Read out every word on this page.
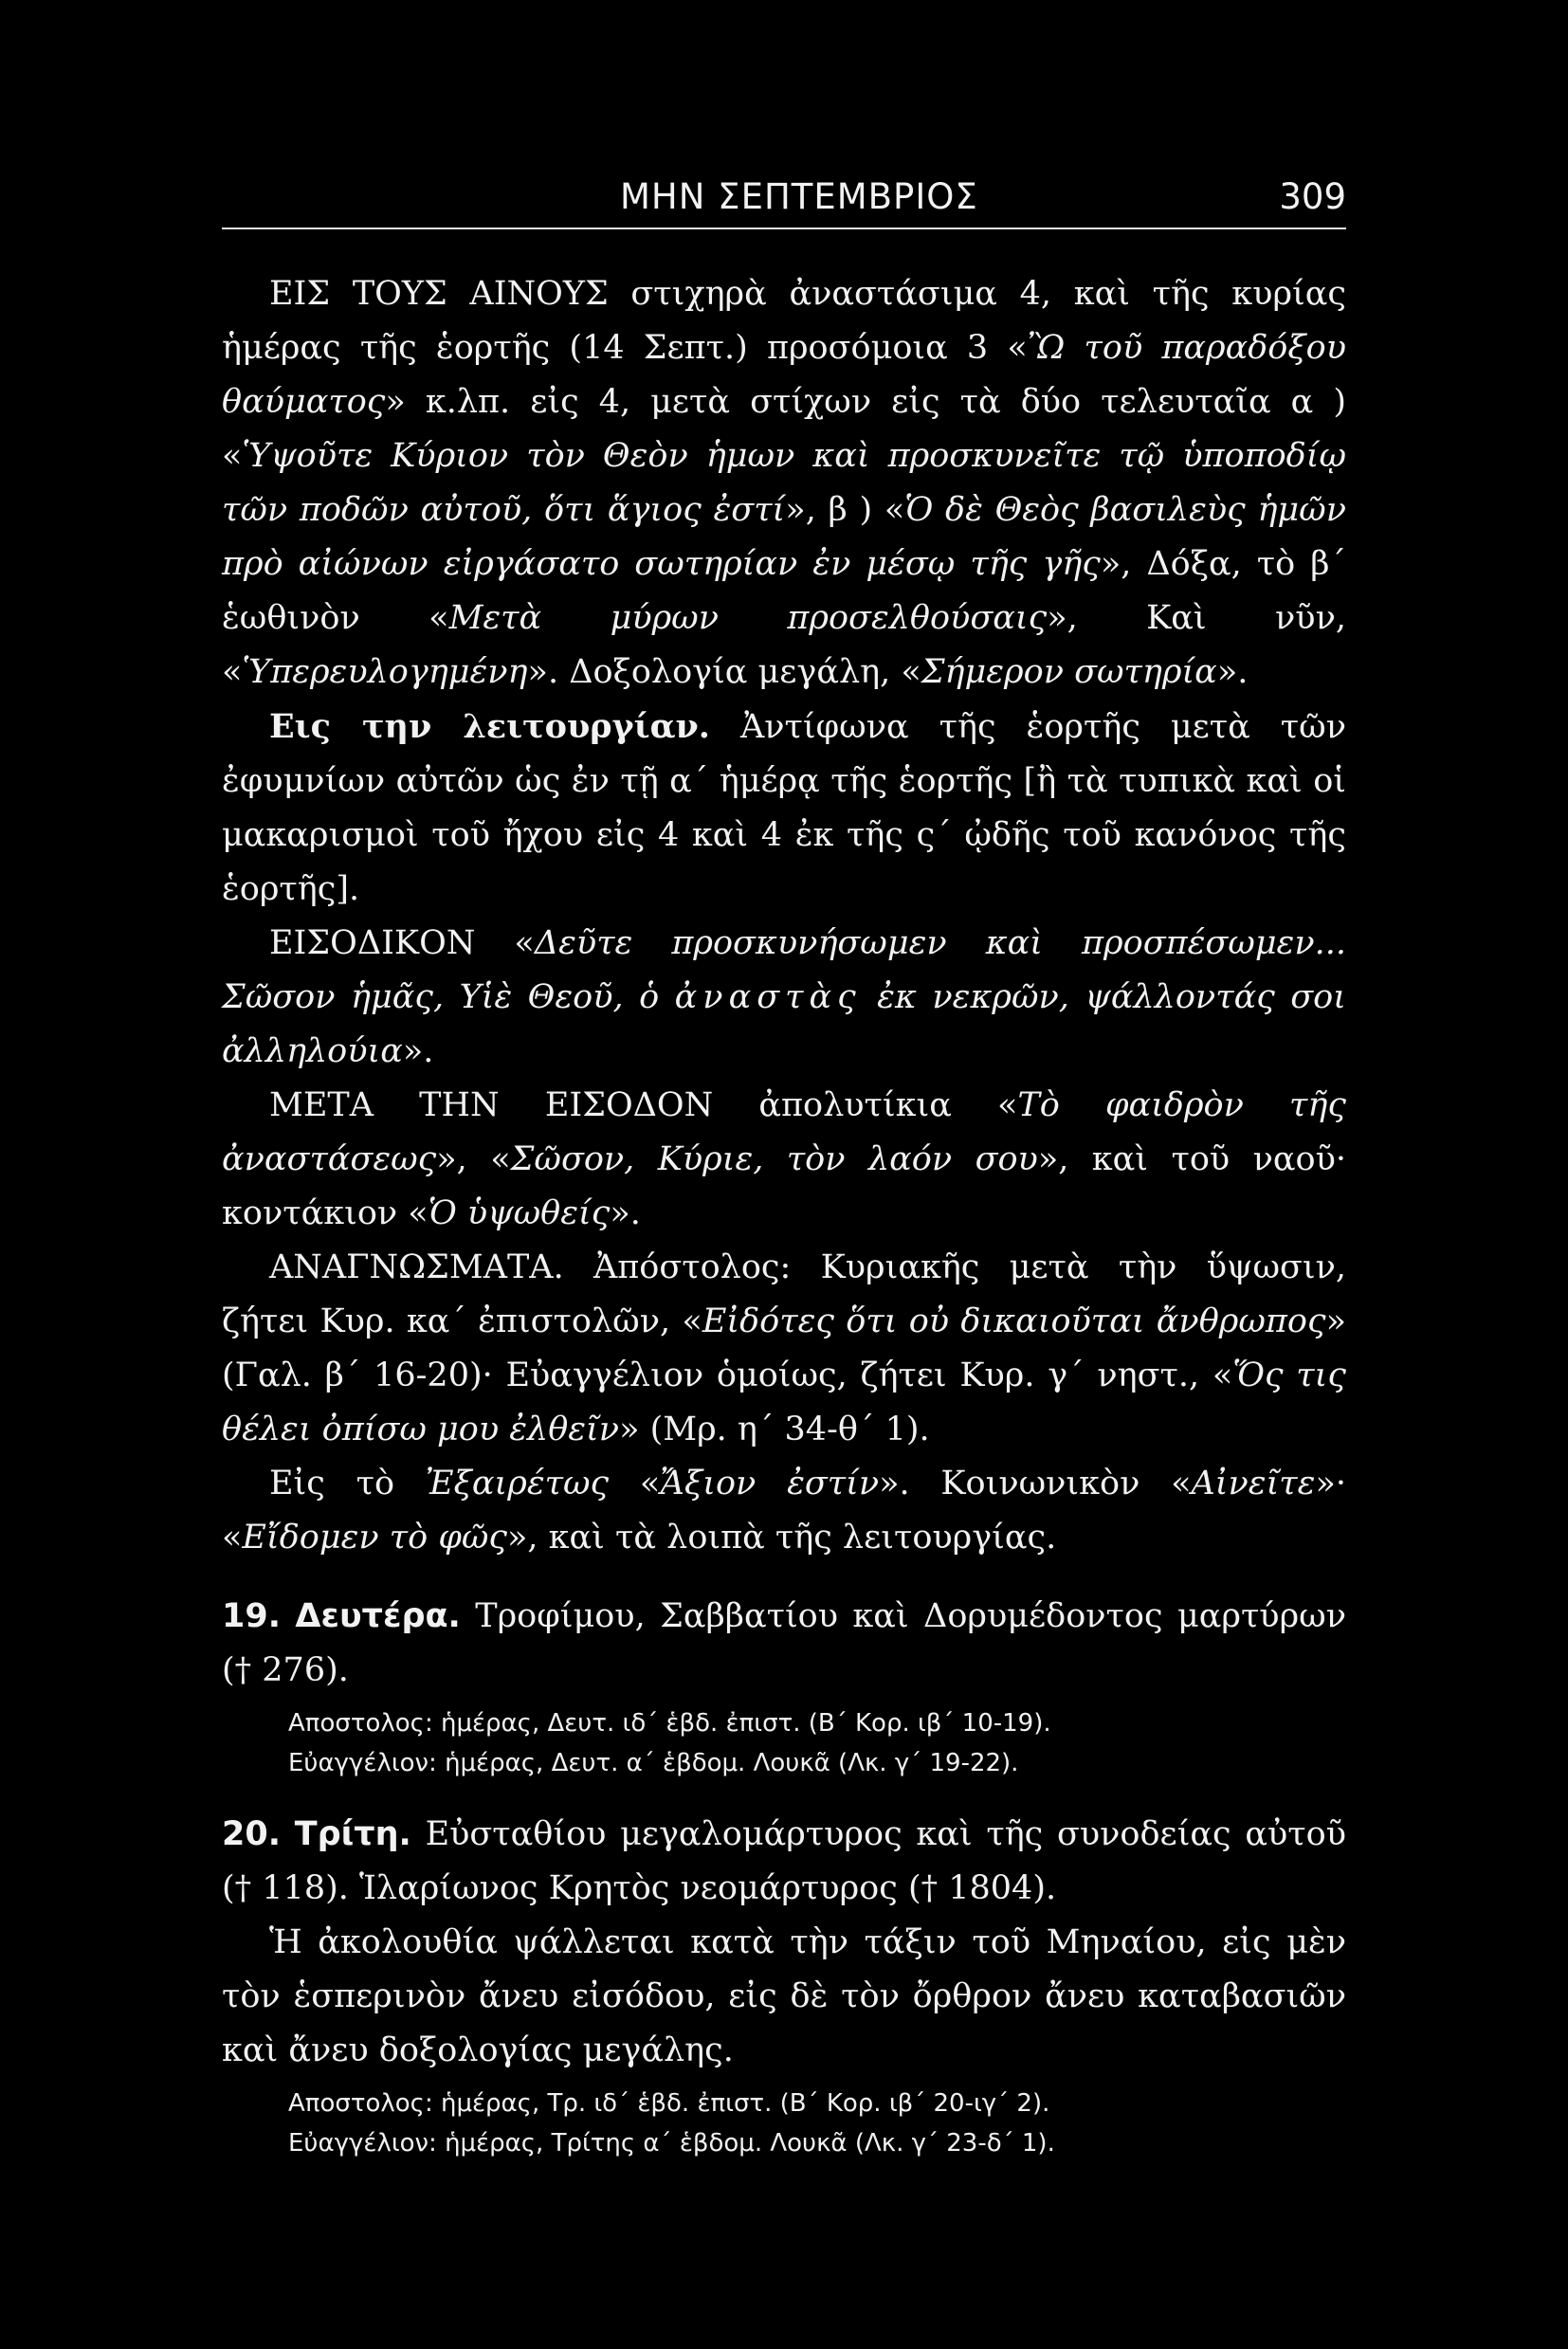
ΜΗΝ ΣΕΠΤΕΜΒΡΙΟΣ	309

ΕΙΣ ΤΟΥΣ ΑΙΝΟΥΣ στιχηρὰ ἀναστάσιμα 4, καὶ τῆς κυρίας ἡμέρας τῆς ἑορτῆς (14 Σεπτ.) προσόμοια 3 «Ὢ τοῦ παραδόξου θαύματος» κ.λπ. εἰς 4, μετὰ στίχων εἰς τὰ δύο τελευταῖα α ) «Ὑψοῦτε Κύριον τὸν Θεὸν ἡμων καὶ προσκυνεῖτε τῷ ὑποποδίῳ τῶν ποδῶν αὐτοῦ, ὅτι ἅγιος ἐστί», β ) «Ὁ δὲ Θεὸς βασιλεὺς ἡμῶν πρὸ αἰώνων εἰργάσατο σωτηρίαν ἐν μέσῳ τῆς γῆς», Δόξα, τὸ β΄ ἑωθινὸν «Μετὰ μύρων προσελθούσαις», Καὶ νῦν, «Ὑπερευλογημένη». Δοξολογία μεγάλη, «Σήμερον σωτηρία».

Εις την λειτουργίαν. Ἀντίφωνα τῆς ἑορτῆς μετὰ τῶν ἐφυμνίων αὐτῶν ὡς ἐν τῇ α΄ ἡμέρᾳ τῆς ἑορτῆς [ἢ τὰ τυπικὰ καὶ οἱ μακαρισμοὶ τοῦ ἤχου εἰς 4 καὶ 4 ἐκ τῆς ς΄ ᾠδῆς τοῦ κανόνος τῆς ἑορτῆς].

ΕΙΣΟΔΙΚΟΝ «Δεῦτε προσκυνήσωμεν καὶ προσπέσωμεν... Σῶσον ἡμᾶς, Υἱὲ Θεοῦ, ὁ ἀναστὰς ἐκ νεκρῶν, ψάλλοντάς σοι ἀλληλούια».

ΜΕΤΑ ΤΗΝ ΕΙΣΟΔΟΝ ἀπολυτίκια «Τὸ φαιδρὸν τῆς ἀναστάσεως», «Σῶσον, Κύριε, τὸν λαόν σου», καὶ τοῦ ναοῦ· κοντάκιον «Ὁ ὑψωθείς».

ΑΝΑΓΝΩΣΜΑΤΑ. Ἀπόστολος: Κυριακῆς μετὰ τὴν ὕψωσιν, ζήτει Κυρ. κα΄ ἐπιστολῶν, «Εἰδότες ὅτι οὐ δικαιοῦται ἄνθρωπος» (Γαλ. β΄ 16-20)· Εὐαγγέλιον ὁμοίως, ζήτει Κυρ. γ΄ νηστ., «Ὅς τις θέλει ὀπίσω μου ἐλθεῖν» (Μρ. η΄ 34-θ΄ 1).

Εἰς τὸ Ἐξαιρέτως «Ἄξιον ἐστίν». Κοινωνικὸν «Αἰνεῖτε»· «Εἴδομεν τὸ φῶς», καὶ τὰ λοιπὰ τῆς λειτουργίας.

19. Δευτέρα. Τροφίμου, Σαββατίου καὶ Δορυμέδοντος μαρτύρων († 276).

Αποστολος: ἡμέρας, Δευτ. ιδ΄ ἑβδ. ἐπιστ. (Β΄ Κορ. ιβ΄ 10-19).
Εὐαγγέλιον: ἡμέρας, Δευτ. α΄ ἑβδομ. Λουκᾶ (Λκ. γ΄ 19-22).

20. Τρίτη. Εὐσταθίου μεγαλομάρτυρος καὶ τῆς συνοδείας αὐτοῦ († 118). Ἱλαρίωνος Κρητὸς νεομάρτυρος († 1804).

Ἡ ἀκολουθία ψάλλεται κατὰ τὴν τάξιν τοῦ Μηναίου, εἰς μὲν τὸν ἑσπερινὸν ἄνευ εἰσόδου, εἰς δὲ τὸν ὄρθρον ἄνευ καταβασιῶν καὶ ἄνευ δοξολογίας μεγάλης.

Αποστολος: ἡμέρας, Τρ. ιδ΄ ἑβδ. ἐπιστ. (Β΄ Κορ. ιβ΄ 20-ιγ΄ 2).
Εὐαγγέλιον: ἡμέρας, Τρίτης α΄ ἑβδομ. Λουκᾶ (Λκ. γ΄ 23-δ΄ 1).
